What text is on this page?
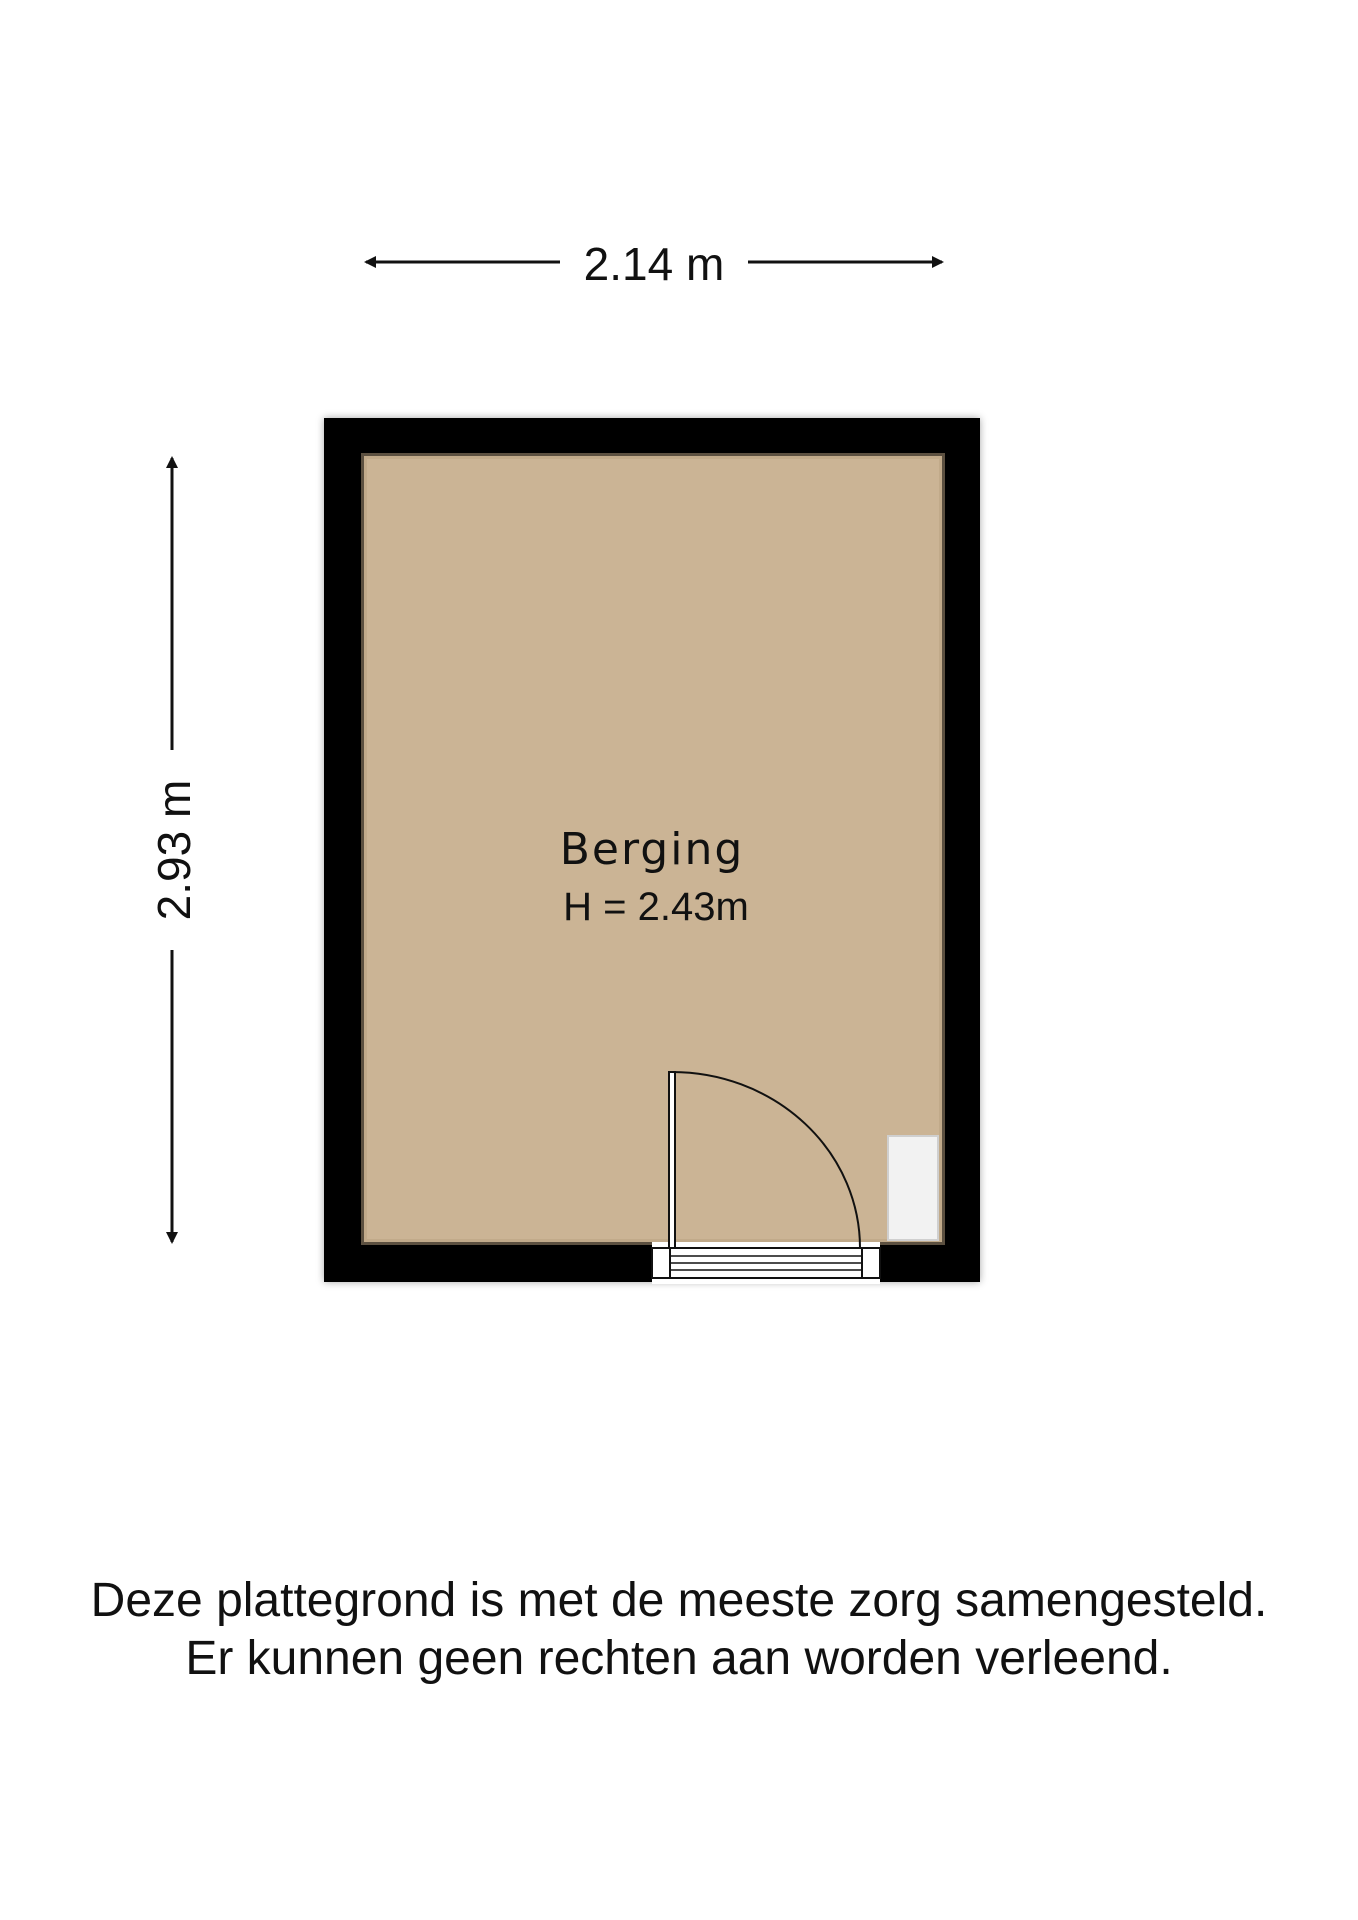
2.14 m
2.93 m	Berging
H = 2.43m
Deze plattegrond is met de meeste zorg samengesteld.
Er kunnen geen rechten aan worden verleend.
